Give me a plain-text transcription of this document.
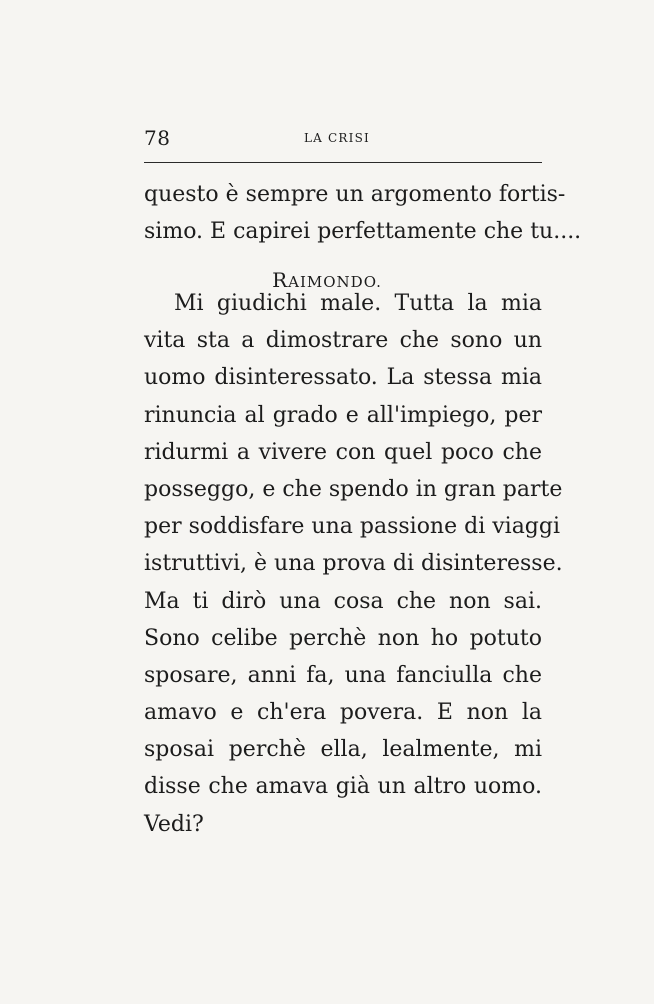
78	LA CRISI
questo è sempre un argomento fortis-
simo. E capirei perfettamente che tu....
RAIMONDO.
Mi giudichi male. Tutta la mia
vita sta a dimostrare che sono un
uomo disinteressato. La stessa mia
rinuncia al grado e all'impiego, per
ridurmi a vivere con quel poco che
posseggo, e che spendo in gran parte
per soddisfare una passione di viaggi
istruttivi, è una prova di disinteresse.
Ma ti dirò una cosa che non sai.
Sono celibe perchè non ho potuto
sposare, anni fa, una fanciulla che
amavo e ch'era povera. E non la
sposai perchè ella, lealmente, mi
disse che amava già un altro uomo.
Vedi?
